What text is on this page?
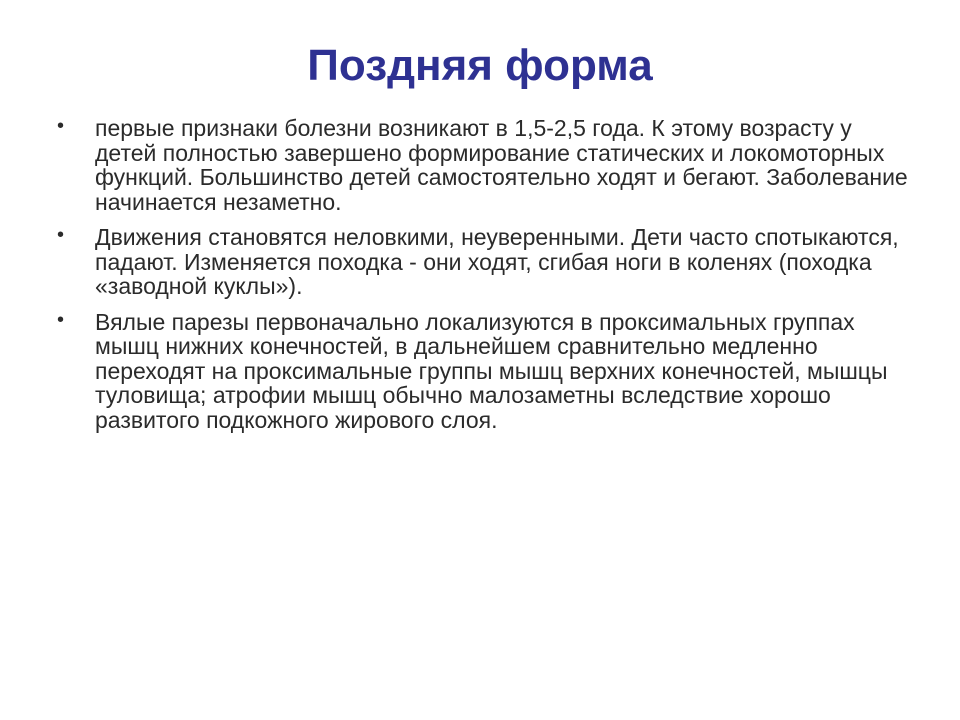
Поздняя форма
• первые признаки болезни возникают в 1,5-2,5 года. К этому возрасту у детей полностью завершено формирование статических и локомоторных функций. Большинство детей самостоятельно ходят и бегают. Заболевание начинается незаметно.
• Движения становятся неловкими, неуверенными. Дети часто спотыкаются, падают. Изменяется походка - они ходят, сгибая ноги в коленях (походка «заводной куклы»).
• Вялые парезы первоначально локализуются в проксимальных группах мышц нижних конечностей, в дальнейшем сравнительно медленно переходят на проксимальные группы мышц верхних конечностей, мышцы туловища; атрофии мышц обычно малозаметны вследствие хорошо развитого подкожного жирового слоя.
